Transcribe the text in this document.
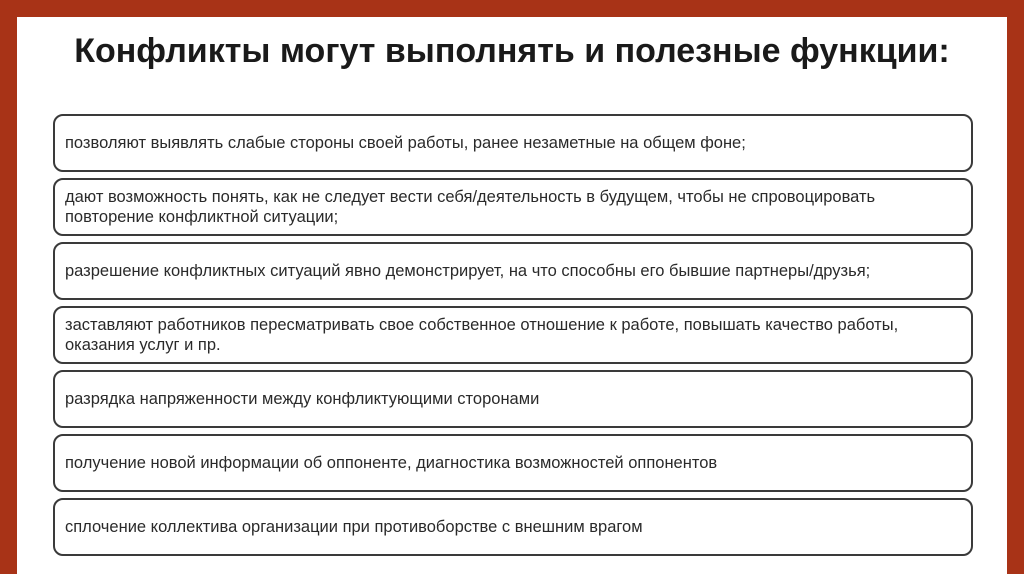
Конфликты могут выполнять и полезные функции:
позволяют выявлять слабые стороны своей работы, ранее незаметные на общем фоне;
дают возможность понять, как не следует вести себя/деятельность в будущем, чтобы не спровоцировать повторение конфликтной ситуации;
разрешение конфликтных ситуаций явно демонстрирует, на что способны его бывшие партнеры/друзья;
заставляют работников пересматривать свое собственное отношение к работе, повышать качество работы, оказания услуг и пр.
разрядка напряженности между конфликтующими сторонами
получение новой информации об оппоненте, диагностика возможностей оппонентов
сплочение коллектива организации при противоборстве с внешним врагом
